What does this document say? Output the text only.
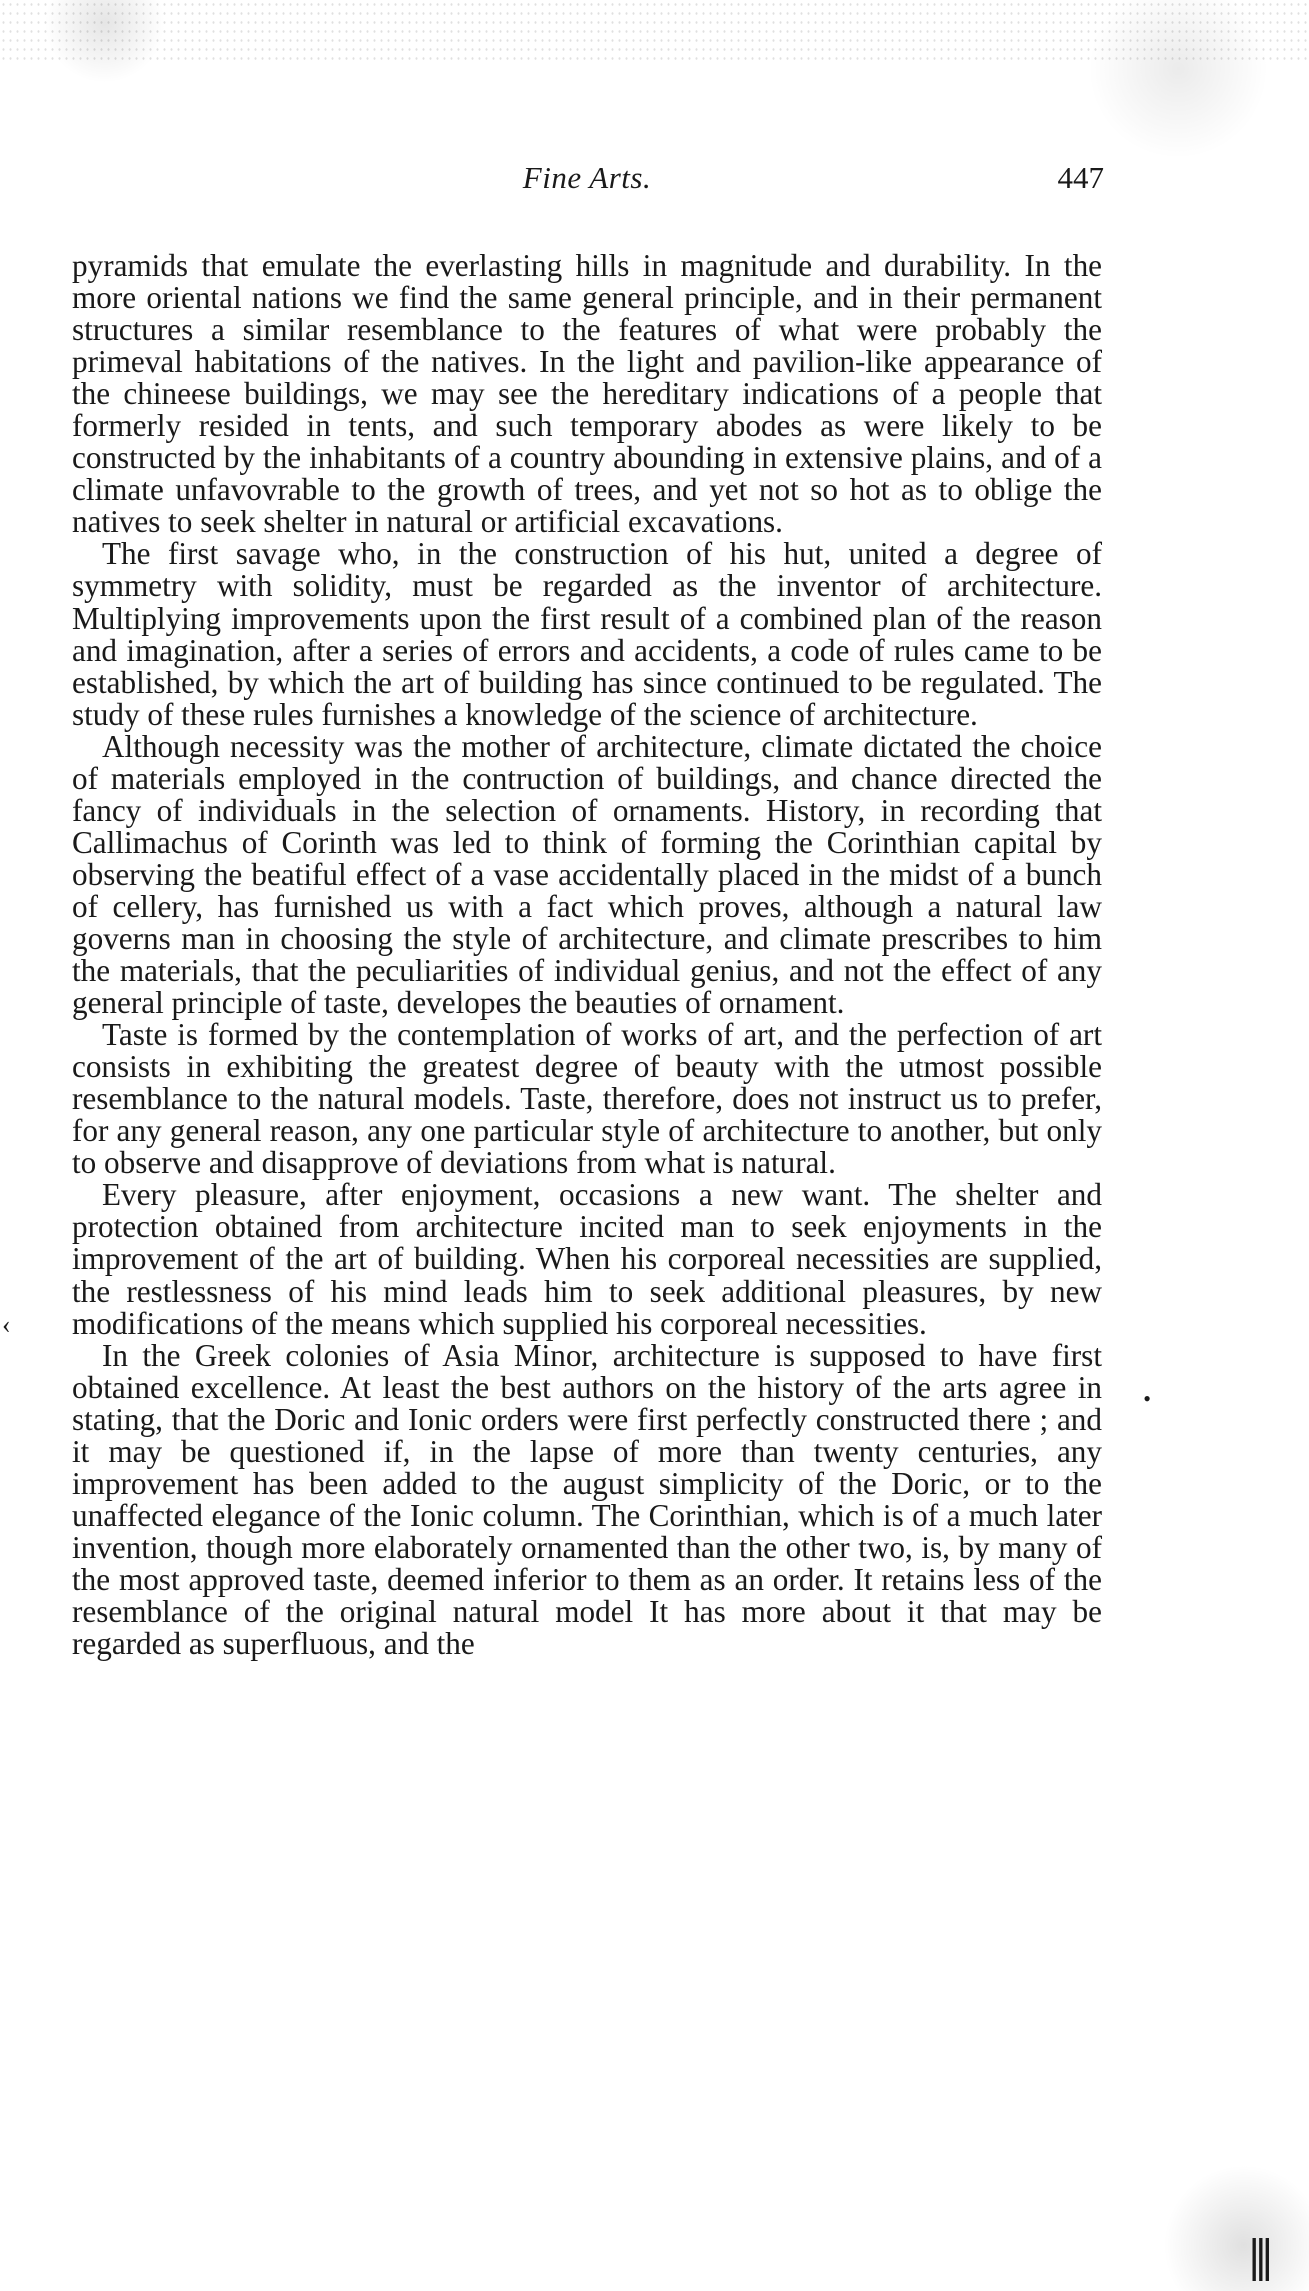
Fine Arts.	447

pyramids that emulate the everlasting hills in magnitude and durability. In the more oriental nations we find the same general principle, and in their permanent structures a similar resemblance to the features of what were probably the primeval habitations of the natives. In the light and pavilion-like appearance of the chineese buildings, we may see the hereditary indications of a people that formerly resided in tents, and such temporary abodes as were likely to be constructed by the inhabitants of a country abounding in extensive plains, and of a climate unfavovrable to the growth of trees, and yet not so hot as to oblige the natives to seek shelter in natural or artificial excavations.

The first savage who, in the construction of his hut, united a degree of symmetry with solidity, must be regarded as the inventor of architecture. Multiplying improvements upon the first result of a combined plan of the reason and imagination, after a series of errors and accidents, a code of rules came to be established, by which the art of building has since continued to be regulated. The study of these rules furnishes a knowledge of the science of architecture.

Although necessity was the mother of architecture, climate dictated the choice of materials employed in the contruction of buildings, and chance directed the fancy of individuals in the selection of ornaments. History, in recording that Callimachus of Corinth was led to think of forming the Corinthian capital by observing the beatiful effect of a vase accidentally placed in the midst of a bunch of cellery, has furnished us with a fact which proves, although a natural law governs man in choosing the style of architecture, and climate prescribes to him the materials, that the peculiarities of individual genius, and not the effect of any general principle of taste, developes the beauties of ornament.

Taste is formed by the contemplation of works of art, and the perfection of art consists in exhibiting the greatest degree of beauty with the utmost possible resemblance to the natural models. Taste, therefore, does not instruct us to prefer, for any general reason, any one particular style of architecture to another, but only to observe and disapprove of deviations from what is natural.

Every pleasure, after enjoyment, occasions a new want. The shelter and protection obtained from architecture incited man to seek enjoyments in the improvement of the art of building. When his corporeal necessities are supplied, the restlessness of his mind leads him to seek additional pleasures, by new modifications of the means which supplied his corporeal necessities.

In the Greek colonies of Asia Minor, architecture is supposed to have first obtained excellence. At least the best authors on the history of the arts agree in stating, that the Doric and Ionic orders were first perfectly constructed there ; and it may be questioned if, in the lapse of more than twenty centuries, any improvement has been added to the august simplicity of the Doric, or to the unaffected elegance of the Ionic column. The Corinthian, which is of a much later invention, though more elaborately ornamented than the other two, is, by many of the most approved taste, deemed inferior to them as an order. It retains less of the resemblance of the original natural model It has more about it that may be regarded as superfluous, and the

‹
•
|||
